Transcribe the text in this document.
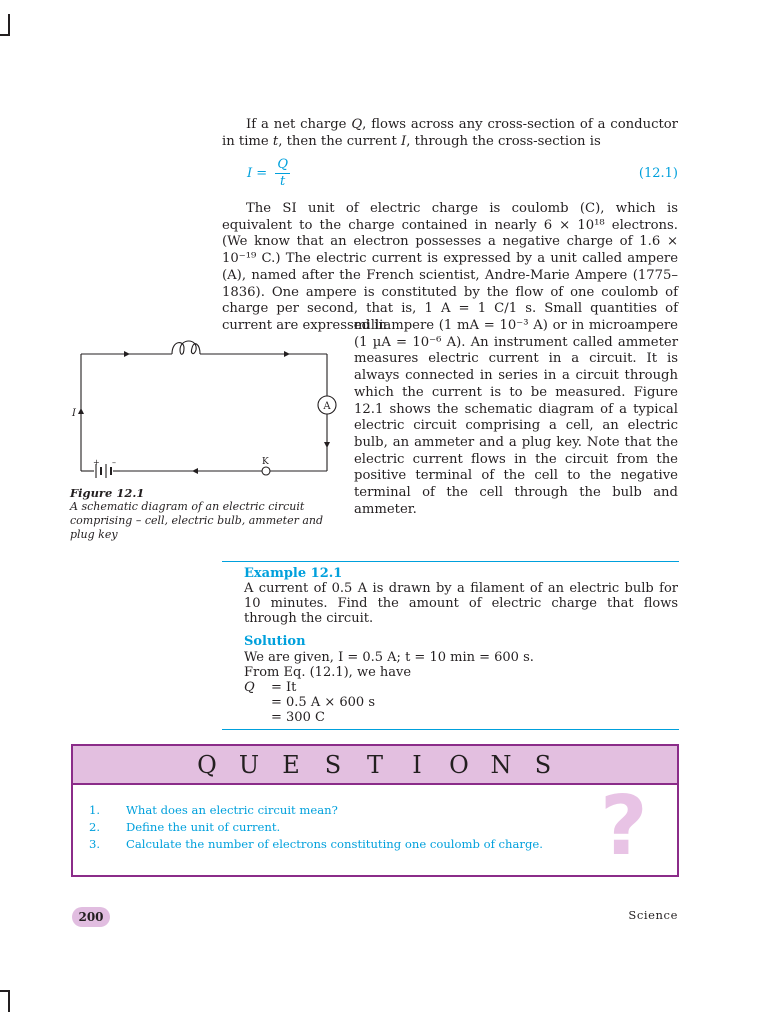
If a net charge Q, flows across any cross-section of a conductor in time t, then the current I, through the cross-section is

$I = \frac{Q}{t}$	(12.1)

The SI unit of electric charge is coulomb (C), which is equivalent to the charge contained in nearly 6 × 10¹⁸ electrons. (We know that an electron possesses a negative charge of 1.6 × 10⁻¹⁹ C.) The electric current is expressed by a unit called ampere (A), named after the French scientist, Andre-Marie Ampere (1775–1836). One ampere is constituted by the flow of one coulomb of charge per second, that is, 1 A = 1 C/1 s. Small quantities of current are expressed in

milliampere (1 mA = 10⁻³ A) or in microampere (1 µA = 10⁻⁶ A). An instrument called ammeter measures electric current in a circuit. It is always connected in series in a circuit through which the current is to be measured. Figure 12.1 shows the schematic diagram of a typical electric circuit comprising a cell, an electric bulb, an ammeter and a plug key. Note that the electric current flows in the circuit from the positive terminal of the cell to the negative terminal of the cell through the bulb and ammeter.

A
I
K
+ –
Figure 12.1
A schematic diagram of an electric circuit comprising – cell, electric bulb, ammeter and plug key
Example 12.1

A current of 0.5 A is drawn by a filament of an electric bulb for 10 minutes. Find the amount of electric charge that flows through the circuit.

Solution

We are given, I = 0.5 A; t = 10 min = 600 s.

From Eq. (12.1), we have

Q = It

= 0.5 A × 600 s

= 300 C

Q U E S T I O N S
?
1. What does an electric circuit mean?
2. Define the unit of current.
3. Calculate the number of electrons constituting one coulomb of charge.
200	Science
